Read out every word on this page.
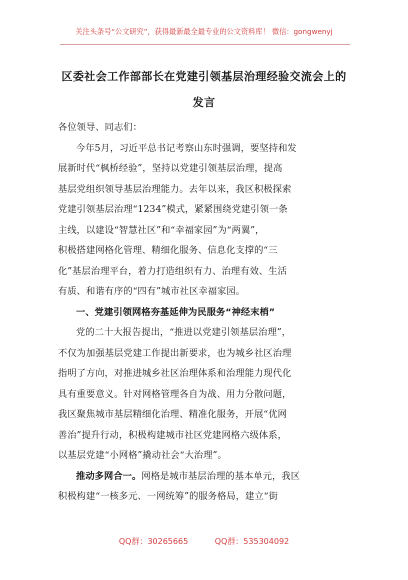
关注头条号“公文研究”，获得最新最全最专业的公文资料库！ 微信：gongwenyj
区委社会工作部部长在党建引领基层治理经验交流会上的
发言
各位领导、同志们：
今年5月，习近平总书记考察山东时强调，要坚持和发
展新时代“枫桥经验”，坚持以党建引领基层治理，提高
基层党组织领导基层治理能力。去年以来，我区积极探索
党建引领基层治理“1234”模式，紧紧围绕党建引领一条
主线，以建设“智慧社区”和“幸福家园”为“两翼”，
积极搭建网格化管理、精细化服务、信息化支撑的“三
化”基层治理平台，着力打造组织有力、治理有效、生活
有质、和谐有序的“四有”城市社区幸福家园。
一、党建引领网格夯基延伸为民服务“神经末梢”
党的二十大报告提出，“推进以党建引领基层治理”，
不仅为加强基层党建工作提出新要求，也为城乡社区治理
指明了方向，对推进城乡社区治理体系和治理能力现代化
具有重要意义。针对网格管理各自为战、用力分散问题，
我区聚焦城市基层精细化治理、精准化服务，开展“优网
善治”提升行动，积极构建城市社区党建网格六级体系，
以基层党建“小网格”撬动社会“大治理”。
推动多网合一。网格是城市基层治理的基本单元，我区
积极构建“一核多元、一网统筹”的服务格局，建立“街
QQ群：30265665	QQ群：535304092
